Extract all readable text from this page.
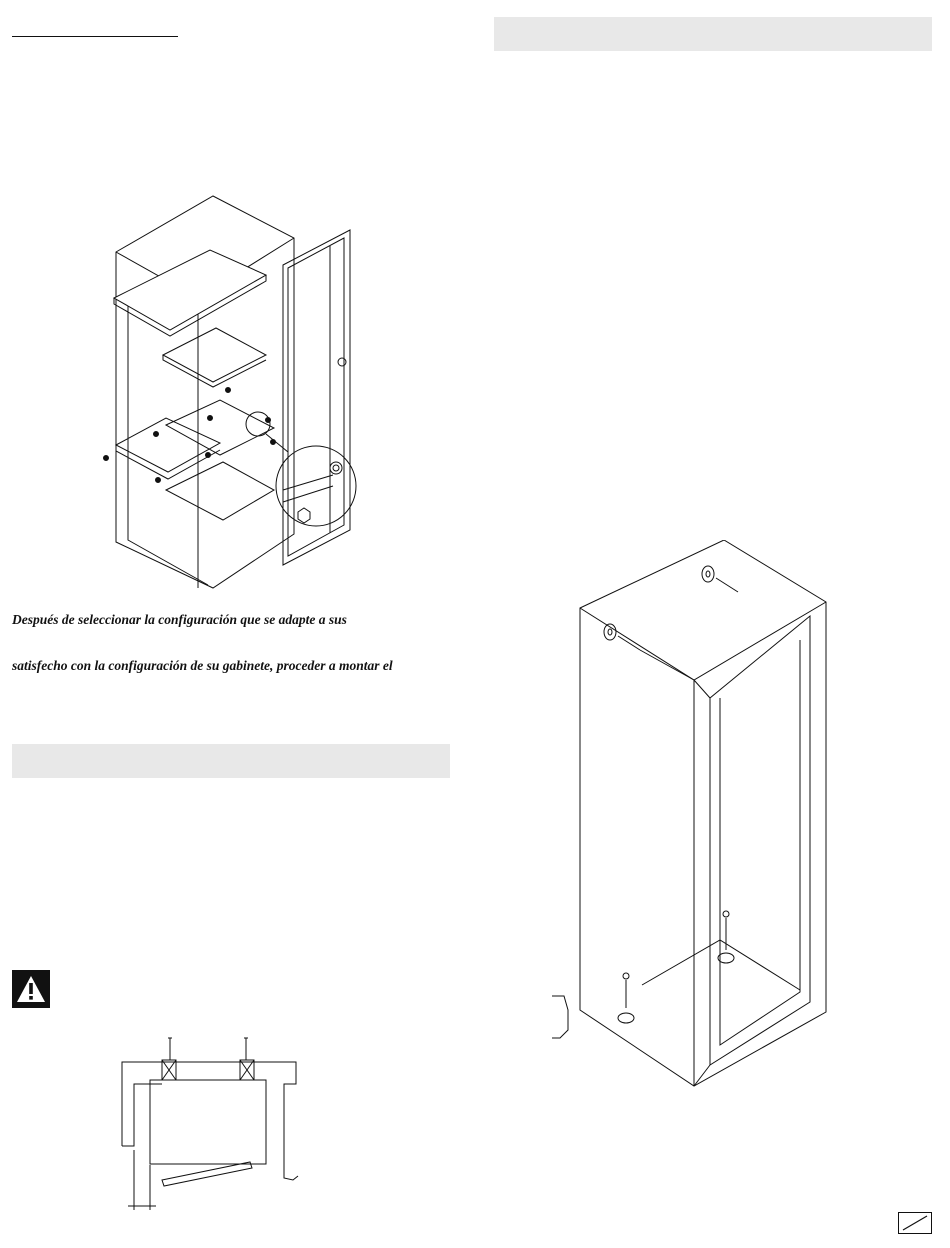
Después de seleccionar la configuración que se adapte a sus
satisfecho con la configuración de su gabinete, proceder a montar el
